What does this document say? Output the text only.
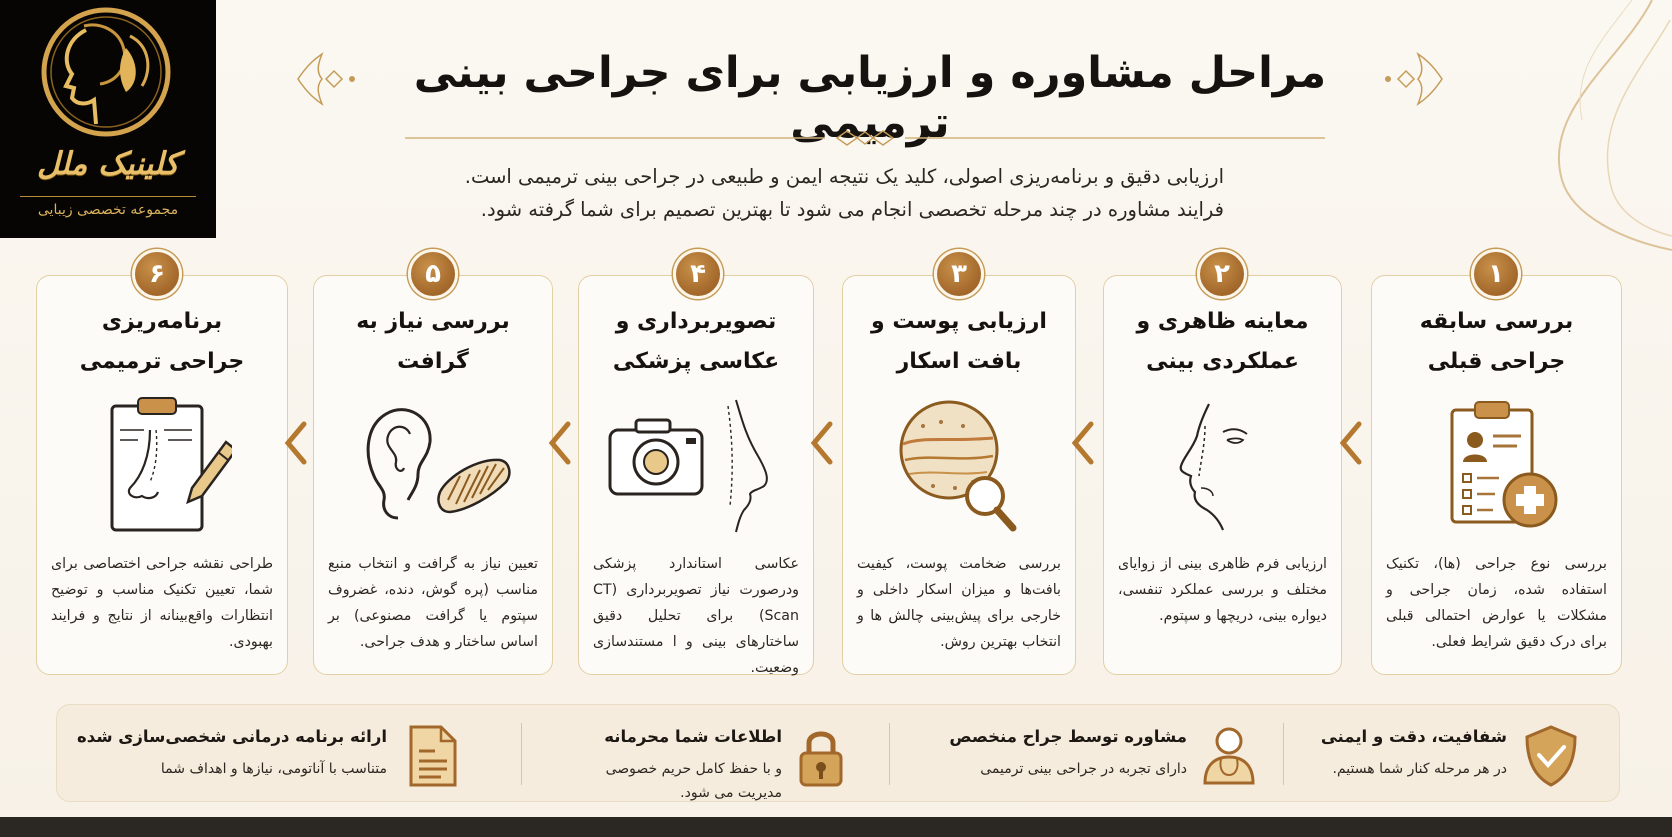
کلینیک ملل
مجموعه تخصصی زیبایی
مراحل مشاوره و ارزیابی برای جراحی بینی ترمیمی
ارزیابی دقیق و برنامه‌ریزی اصولی، کلید یک نتیجه ایمن و طبیعی در جراحی بینی ترمیمی است.
فرایند مشاوره در چند مرحله تخصصی انجام می شود تا بهترین تصمیم برای شما گرفته شود.
بررسی سابقه
جراحی قبلی
بررسی نوع جراحی (ها)، تکنیک استفاده شده، زمان جراحی و مشکلات یا عوارض احتمالی قبلی برای درک دقیق شرایط فعلی.
۱
معاینه ظاهری و
عملکردی بینی
ارزیابی فرم ظاهری بینی از زوایای مختلف و بررسی عملکرد تنفسی، دیواره بینی، دریچها و سپتوم.
۲
ارزیابی پوست و
بافت اسکار
بررسی ضخامت پوست، کیفیت بافت‌ها و میزان اسکار داخلی و خارجی برای پیش‌بینی چالش ها و انتخاب بهترین روش.
۳
تصویربرداری و
عکاسی پزشکی
عکاسی استاندارد پزشکی ودرصورت نیاز تصویربرداری (CT Scan) برای تحلیل دقیق ساختارهای بینی و ا مستندسازی وضعیت.
۴
بررسی نیاز به
گرافت
تعیین نیاز به گرافت و انتخاب منبع مناسب (پره گوش، دنده، غضروف سپتوم یا گرافت مصنوعی) بر اساس ساختار و هدف جراحی.
۵
برنامه‌ریزی
جراحی ترمیمی
طراحی نقشه جراحی اختصاصی برای شما، تعیین تکنیک مناسب و توضیح انتظارات واقع‌بینانه از نتایج و فرایند بهبودی.
۶
شفافیت، دقت و ایمنی
در هر مرحله کنار شما هستیم.
مشاوره توسط جراح منخصص
دارای تجربه در جراحی بینی ترمیمی
اطلاعات شما محرمانه
و با حفظ کامل حریم خصوصی
مدیریت می شود.
ارائه برنامه درمانی شخصی‌سازی شده
متناسب با آناتومی، نیازها و اهداف شما
